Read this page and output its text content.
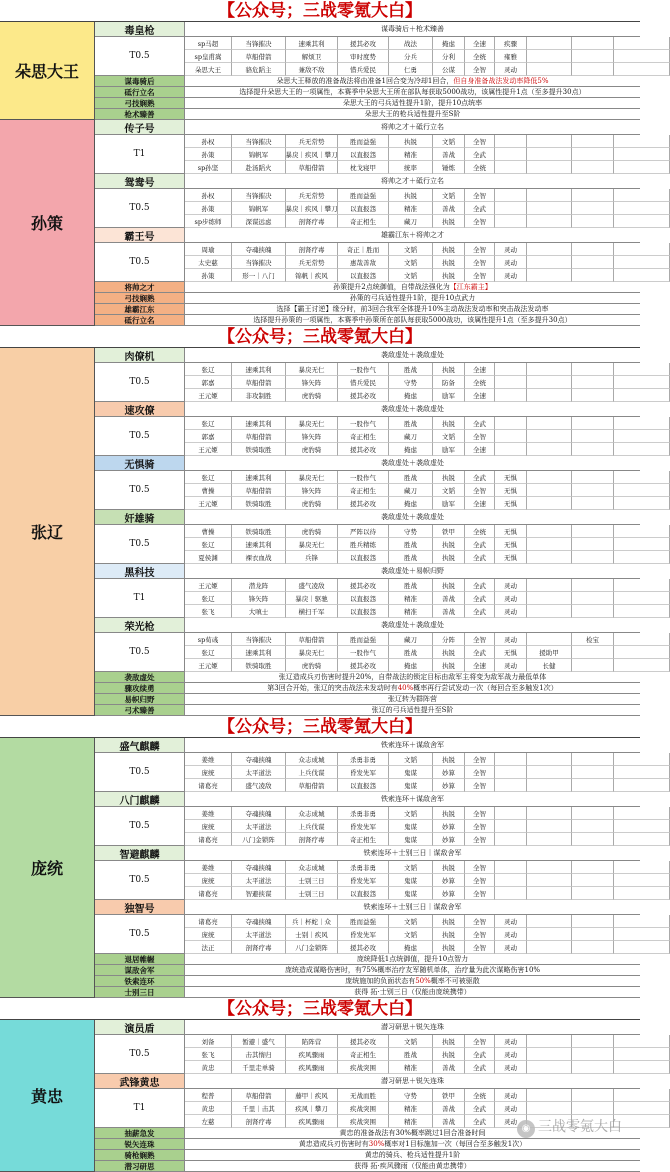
【公众号；三战零氪大白】
朵思大王
毒皇枪	谋毒骑后＋枪术臻善
T0.5
sp马超	当锋摧决	速乘其利	援其必攻	战法	掩虑	全速	疾骤
sp皇甫嵩	草船借箭	解烦卫	审时度势	分兵	分利	全统	雍雅
朵思大王	貉危蹈主	兼敌不敌	惜兵爱民	仁勇	公谋	全智	灵动
谋毒骑后	朵思大王释放的准备战法将由准备1回合变为冷却1回合， 但自身准备战法发动率降低5%
砥行立名	选择提升朵思大王的一项属性，本赛季中朵思大王所在部队每获取5000战功，该属性提升1点（至多提升30点）
弓技娴熟	朵思大王的弓兵适性提升1阶，提升10点统率
枪术臻善	朵思大王的枪兵适性提升至S阶
孙策
传子号	将帅之才＋砥行立名
T1
孙权	当锋摧决	兵无常势	胜而益强	执锐	文韬	全智
孙策	锦帆军	暴戾｜疾风｜攀刀	以直报怨	精准	善战	全武
sp孙坚	赴汤蹈火	草船借箭	枕戈寝甲	统率	锤炼	全统
鸳鸯号	将帅之才＋砥行立名
T0.5
孙权	当锋摧决	兵无常势	胜而益强	执锐	文韬	全智
孙策	锦帆军	暴戾｜疾风｜攀刀	以直报怨	精准	善战	全武
sp步练师	深谋远虑	剖肾疗毒	奇正相生	藏刀	执锐	全智
霸王号	雄霸江东＋将帅之才
T0.5
周瑜	夺魂挟魄	剖肾疗毒	奇正｜胜而	文韬	执锐	全智	灵动
太史慈	当锋摧决	兵无常势	惠哉善敌	文韬	执锐	全智	灵动
孙策	形一｜八门	锦帆｜疾风	以直报怨	文韬	执锐	全智	灵动
将帅之才	孙策提升2点统御值，自带战法强化为 【江东霸主】
弓技娴熟	孙策的弓兵适性提升1阶，提升10点武力
雄霸江东	选择【霸王讨逆】缘分时，前3回合我军全体提升10%主动战法发动率和突击战法发动率
砥行立名	选择提升孙策的一项属性，本赛季中孙策所在部队每获取5000战功，该属性提升1点（至多提升30点）
【公众号；三战零氪大白】
张辽
肉僚机	袭敌虚处＋袭敌虚处
T0.5
张辽	速乘其利	暴戾无仁	一股作气	胜战	执锐	全速
郭嘉	草船借箭	锋矢阵	惜兵爱民	守势	防备	全统
王元姬	非攻制胜	虎豹骑	援其必攻	掩虑	励军	全速
速攻僚	袭敌虚处＋袭敌虚处
T0.5
张辽	速乘其利	暴戾无仁	一股作气	胜战	执锐	全武
郭嘉	草船借箭	锋矢阵	奇正相生	藏刀	文韬	全智
王元姬	铁骑取胜	虎豹骑	援其必攻	掩虑	励军	全速
无惧骑	袭敌虚处＋袭敌虚处
T0.5
张辽	速乘其利	暴戾无仁	一股作气	胜战	执锐	全武	无惧
曹操	草船借箭	锋矢阵	奇正相生	藏刀	文韬	全智	无惧
王元姬	铁骑取胜	虎豹骑	援其必攻	掩虑	励军	全速	无惧
奸雄骑	袭敌虚处＋袭敌虚处
T0.5
曹操	铁骑取胜	虎豹骑	严阵以待	守势	铁甲	全统	无惧
张辽	速乘其利	暴戾无仁	胜兵精练	胜战	执锐	全武	无惧
夏侯渊	裸衣血战	兵锋	以直报怨	胜战	执锐	全武	无惧
黑科技	袭敌虚处＋易帜归野
T1
王元姬	潜龙阵	盛气凌敌	援其必攻	胜战	执锐	全武	灵动
张辽	锋矢阵	暴戾｜驱驰	以直报怨	精准	善战	全武	灵动
张飞	大嗔士	横扫千军	以直报怨	精准	善战	全武	灵动
荣光枪	袭敌虚处＋袭敌虚处
T0.5
sp荀彧	当锋摧决	草船借箭	胜而益强	藏刀	分阵	全智	灵动	检宝
张辽	速乘其利	暴戾无仁	一股作气	胜战	执锐	全武	无惧	援助甲
王元姬	铁骑取胜	虎豹骑	援其必攻	掩虑	执锐	全速	灵动	长健
袭敌虚处	张辽造成兵刃伤害时提升20%，自带战法的锁定目标由敌军主将变为敌军战力最低单体
骤攻续勇	第3回合开始，张辽的突击战法未发动时有 40% 概率再行尝试发动一次（每回合至多触发1次）
易帜归野	张辽转为群阵营
弓术臻善	张辽的弓兵适性提升至S阶
【公众号；三战零氪大白】
庞统
盛气麒麟	铁索连环＋谋敌舍军
T0.5
姜维	夺魂挟魄	众志成城	杀勇非勇	文韬	执锐	全智
庞统	太平道法	上兵伐谋	昏发先军	鬼谋	妙算	全智
诸葛亮	盛气凌敌	草船借箭	以直报怨	鬼谋	妙算	全智
八门麒麟	铁索连环＋谋敌舍军
T0.5
姜维	夺魂挟魄	众志成城	杀勇非勇	文韬	执锐	全智
庞统	太平道法	上兵伐谋	昏发先军	鬼谋	妙算	全智
诸葛亮	八门金锁阵	剖肾疗毒	奇正相生	鬼谋	妙算	全智
智避麒麟	铁索连环＋士别三日｜谋敌舍军
T0.5
姜维	夺魂挟魄	众志成城	杀勇非勇	文韬	执锐	全智
庞统	太平道法	士别三日	昏发先军	鬼谋	妙算	全智
诸葛亮	智避挟谋	士别三日	以直报怨	鬼谋	妙算	全智
独智号	铁索连环＋士别三日｜谋敌舍军
T0.5
诸葛亮	夺魂挟魄	兵｜杯蛇｜众	胜而益强	文韬	执锐	全智	灵动
庞统	太平道法	士别｜疾风	昏发先军	文韬	执锐	全智	灵动
法正	剖肾疗毒	八门金锁阵	援其必攻	掩虑	执锐	全智	灵动
退居帷幄	庞统降低1点统御值，提升10点智力
谋敌舍军	庞统造成谋略伤害时，有75%概率治疗友军随机单体，治疗量为此次谋略伤害10%
铁索连环	庞统施加的负面状态有 50% 概率不可被驱散
士别三日	获得 拓·士别三日（仅能由庞统携带）
【公众号；三战零氪大白】
黄忠
演员盾	潜习研思＋锐矢连珠
T0.5
刘备	暂避｜盛气	陷阵营	援其必攻	文韬	执锐	全智	灵动
张飞	击其惰归	疾风骤雨	奇正相生	胜战	执锐	全武	灵动
黄忠	千里走单骑	疾风骤雨	疾战突围	精准	善战	全武	灵动
武锋黄忠	潜习研思＋锐矢连珠
T1
程普	草船借箭	藤甲｜疾风	无战而胜	守势	铁甲	全统	灵动
黄忠	千里｜击其	疾风｜攀刀	疾战突围	精准	善战	全武	灵动
左慈	剖肾疗毒	疾风骤雨	疾战突围	精准	善战	全武	灵动
抽薪急发	黄忠的准备战法有30%概率跳过1回合准备时间
锐矢连珠	黄忠造成兵刃伤害时有 30% 概率对1目标施加一次（每回合至多触发1次）
骑枪娴熟	黄忠的骑兵、枪兵适性提升1阶
潜习研思	获得 拓·疾风骤雨（仅能由黄忠携带）
◉ 三战零氪大白
